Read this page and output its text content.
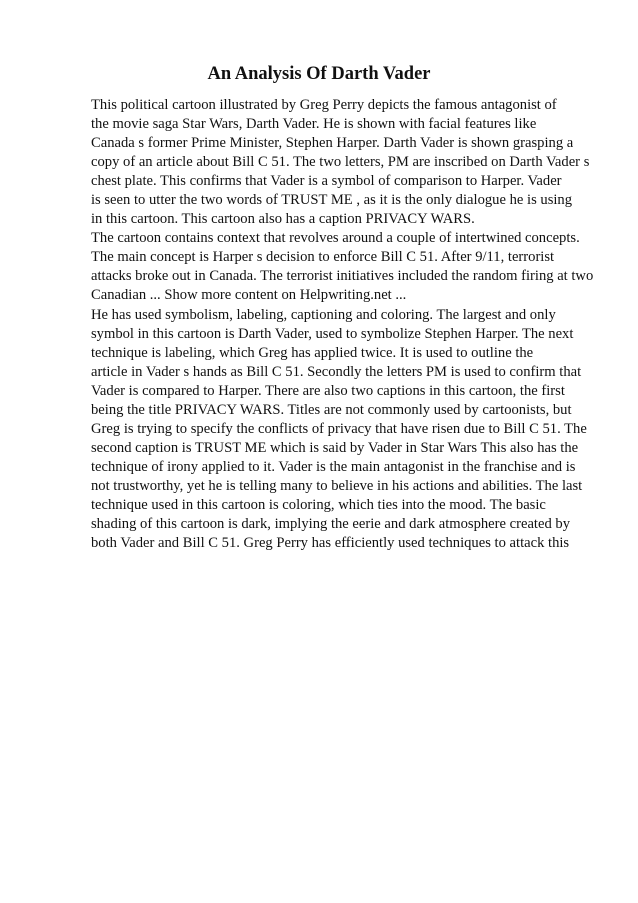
An Analysis Of Darth Vader
This political cartoon illustrated by Greg Perry depicts the famous antagonist of
the movie saga Star Wars, Darth Vader. He is shown with facial features like
Canada s former Prime Minister, Stephen Harper. Darth Vader is shown grasping a
copy of an article about Bill C 51. The two letters, PM are inscribed on Darth Vader s
chest plate. This confirms that Vader is a symbol of comparison to Harper. Vader
is seen to utter the two words of TRUST ME , as it is the only dialogue he is using
in this cartoon. This cartoon also has a caption PRIVACY WARS.
The cartoon contains context that revolves around a couple of intertwined concepts.
The main concept is Harper s decision to enforce Bill C 51. After 9/11, terrorist
attacks broke out in Canada. The terrorist initiatives included the random firing at two
Canadian ... Show more content on Helpwriting.net ...
He has used symbolism, labeling, captioning and coloring. The largest and only
symbol in this cartoon is Darth Vader, used to symbolize Stephen Harper. The next
technique is labeling, which Greg has applied twice. It is used to outline the
article in Vader s hands as Bill C 51. Secondly the letters PM is used to confirm that
Vader is compared to Harper. There are also two captions in this cartoon, the first
being the title PRIVACY WARS. Titles are not commonly used by cartoonists, but
Greg is trying to specify the conflicts of privacy that have risen due to Bill C 51. The
second caption is TRUST ME which is said by Vader in Star Wars This also has the
technique of irony applied to it. Vader is the main antagonist in the franchise and is
not trustworthy, yet he is telling many to believe in his actions and abilities. The last
technique used in this cartoon is coloring, which ties into the mood. The basic
shading of this cartoon is dark, implying the eerie and dark atmosphere created by
both Vader and Bill C 51. Greg Perry has efficiently used techniques to attack this
